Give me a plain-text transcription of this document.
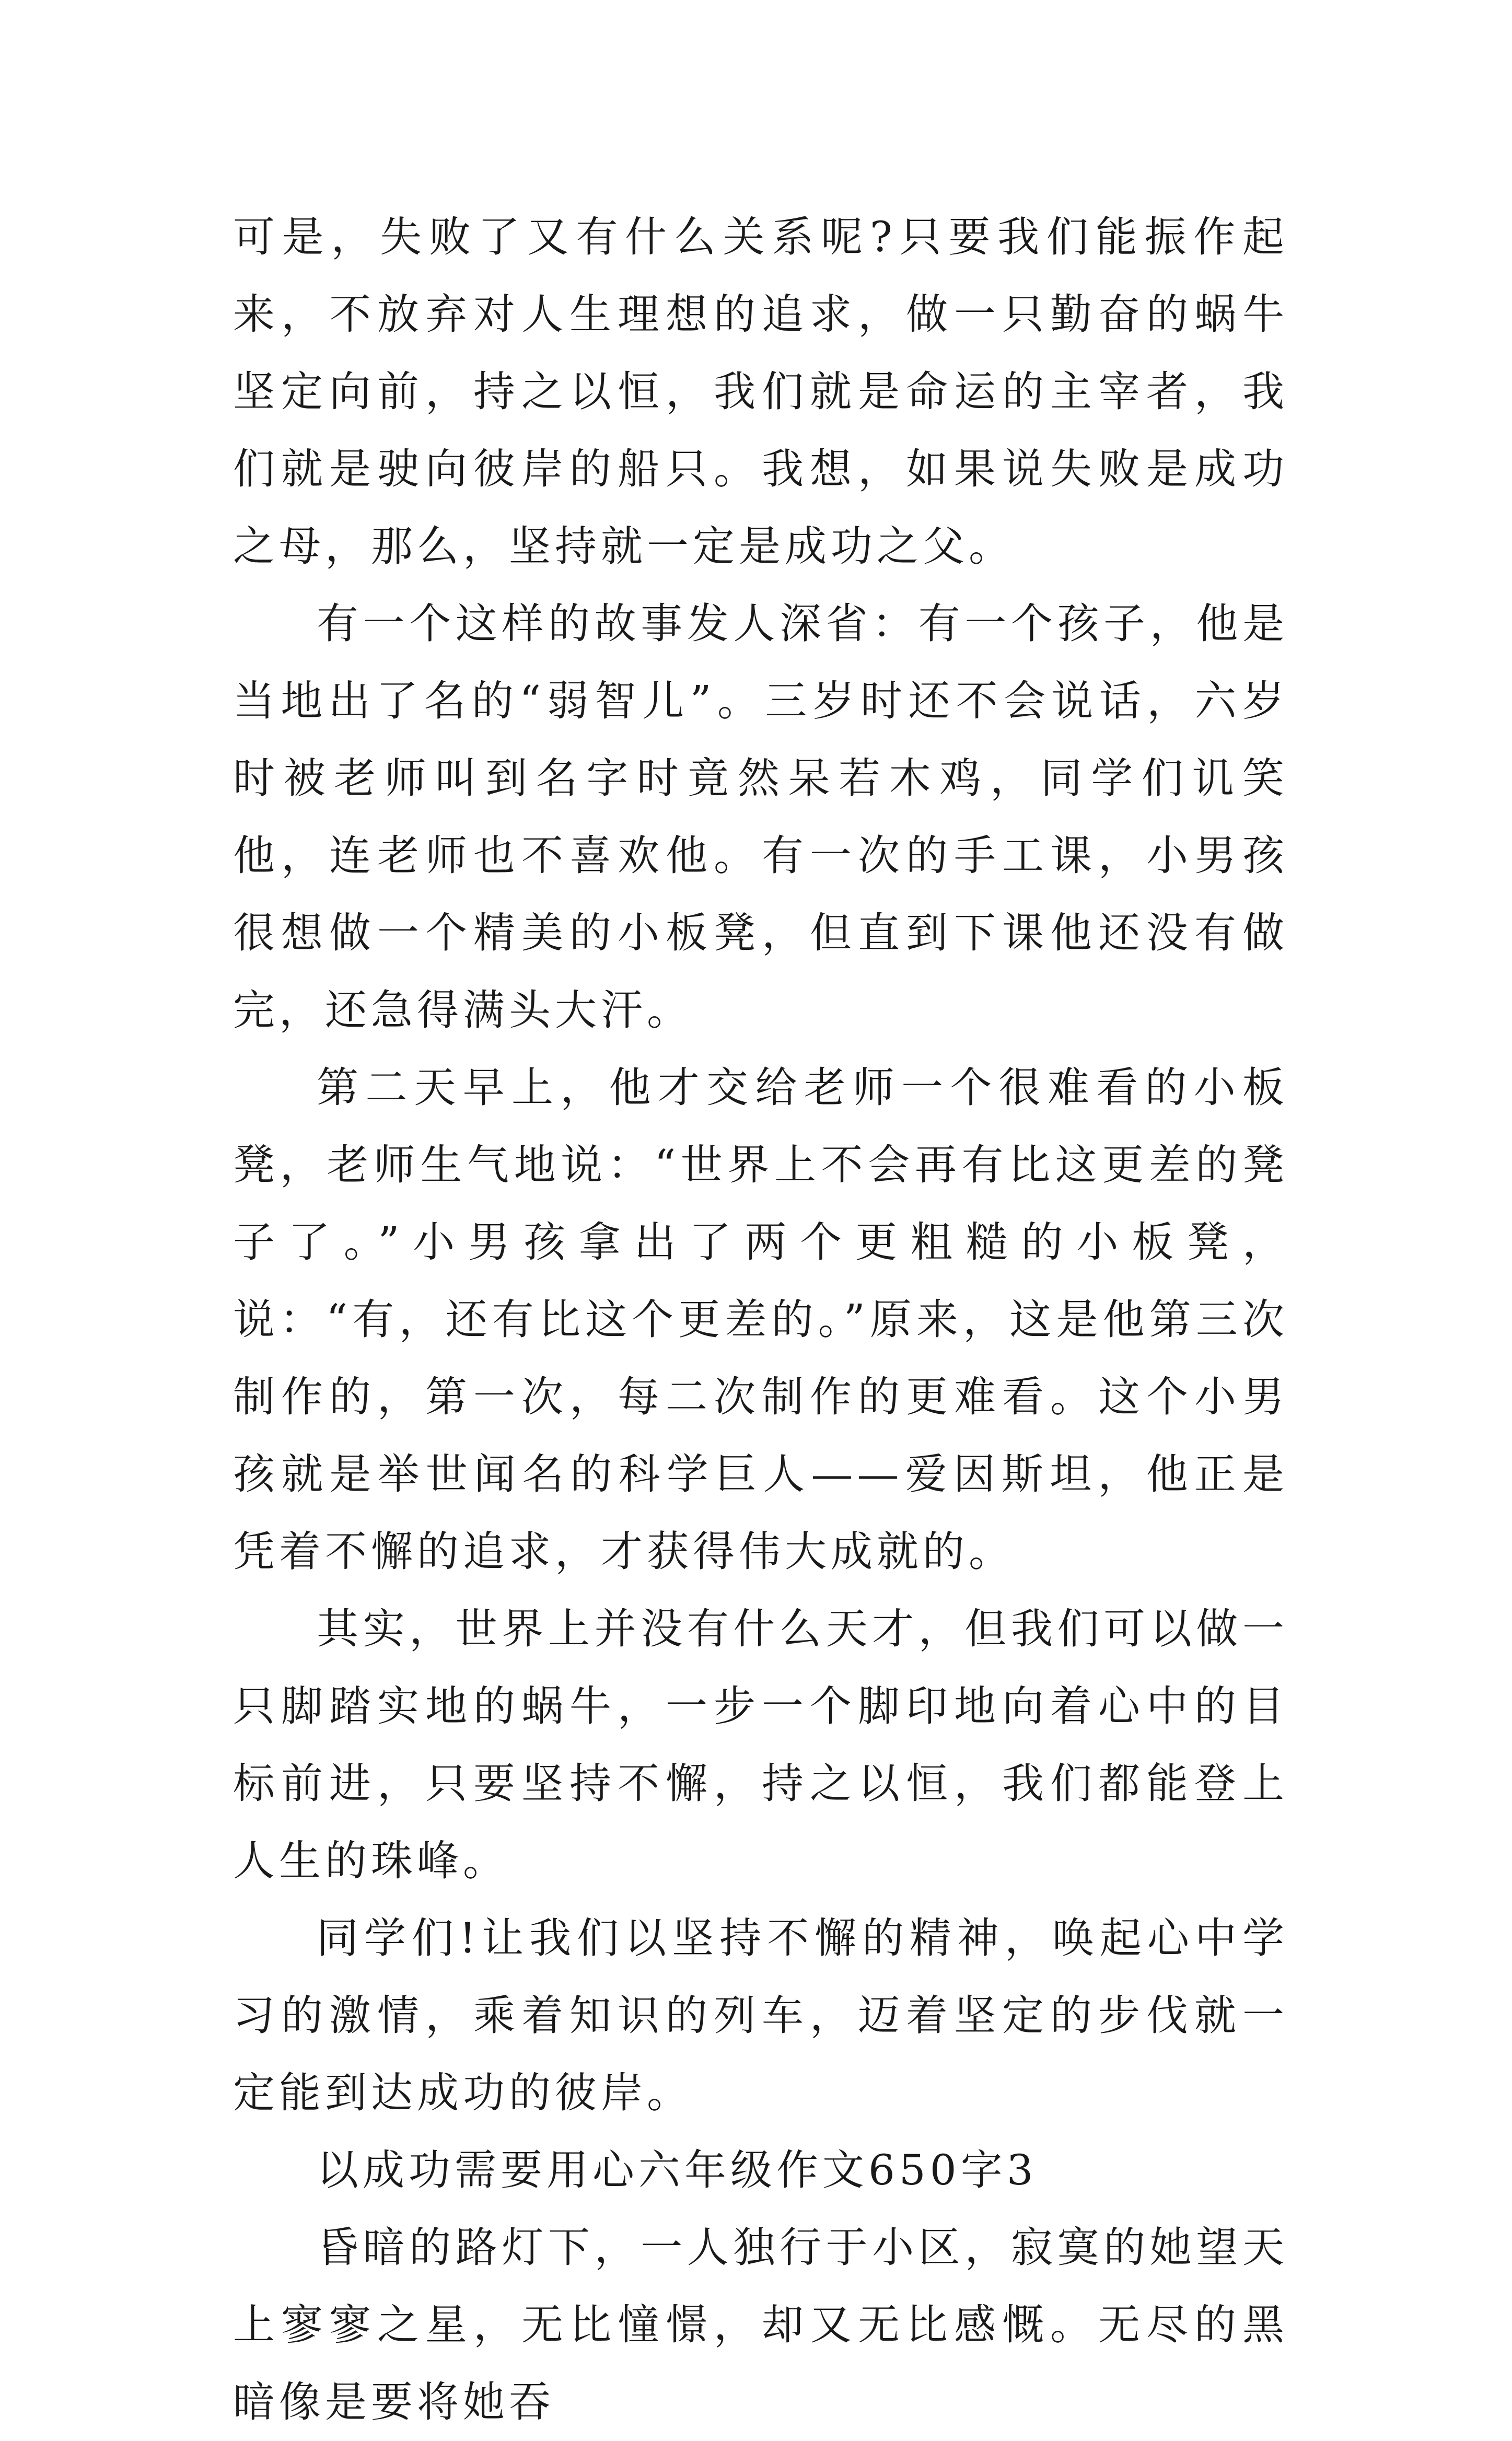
可是，失败了又有什么关系呢?只要我们能振作起来，不放弃对人生理想的追求，做一只勤奋的蜗牛坚定向前，持之以恒，我们就是命运的主宰者，我们就是驶向彼岸的船只。我想，如果说失败是成功之母，那么，坚持就一定是成功之父。

有一个这样的故事发人深省：有一个孩子，他是当地出了名的“弱智儿”。三岁时还不会说话，六岁时被老师叫到名字时竟然呆若木鸡，同学们讥笑他，连老师也不喜欢他。有一次的手工课，小男孩很想做一个精美的小板凳，但直到下课他还没有做完，还急得满头大汗。

第二天早上，他才交给老师一个很难看的小板凳，老师生气地说：“世界上不会再有比这更差的凳子了。”小男孩拿出了两个更粗糙的小板凳，说：“有，还有比这个更差的。”原来，这是他第三次制作的，第一次，每二次制作的更难看。这个小男孩就是举世闻名的科学巨人——爱因斯坦，他正是凭着不懈的追求，才获得伟大成就的。

其实，世界上并没有什么天才，但我们可以做一只脚踏实地的蜗牛，一步一个脚印地向着心中的目标前进，只要坚持不懈，持之以恒，我们都能登上人生的珠峰。

同学们!让我们以坚持不懈的精神，唤起心中学习的激情，乘着知识的列车，迈着坚定的步伐就一定能到达成功的彼岸。

以成功需要用心六年级作文650字3

昏暗的路灯下，一人独行于小区，寂寞的她望天上寥寥之星，无比憧憬，却又无比感慨。无尽的黑暗像是要将她吞
